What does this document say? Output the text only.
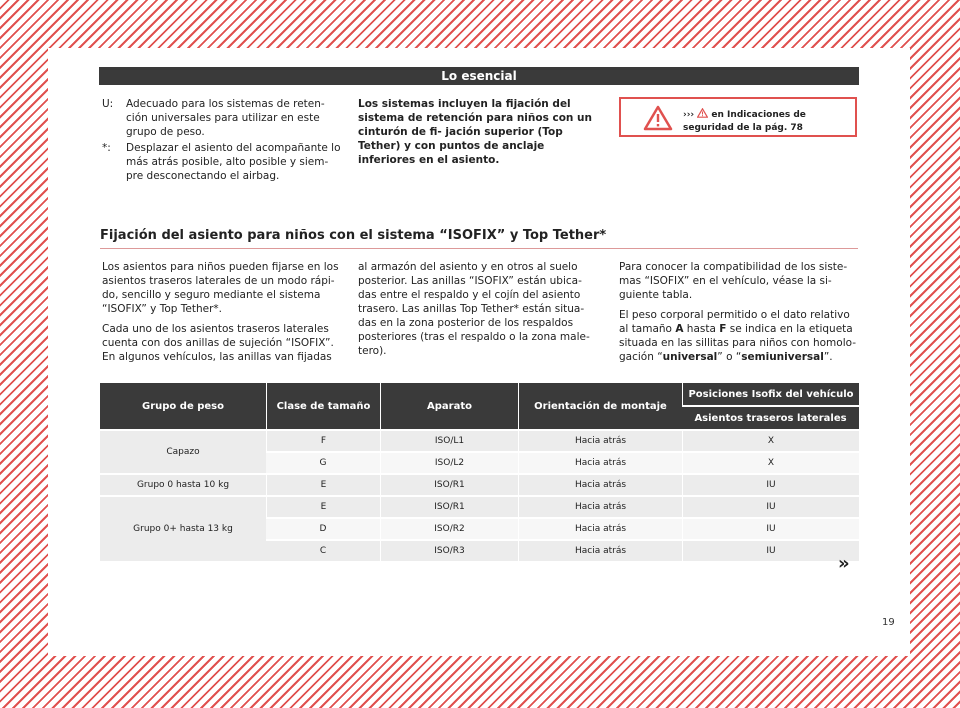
Lo esencial
U:	Adecuado para los sistemas de reten- ción universales para utilizar en este grupo de peso.
*:	Desplazar el asiento del acompañante lo más atrás posible, alto posible y siem- pre desconectando el airbag.
Los sistemas incluyen la fijación del sistema de retención para niños con un cinturón de fi- jación superior (Top Tether) y con puntos de anclaje inferiores en el asiento.
›››  en Indicaciones de seguridad de la pág. 78
Fijación del asiento para niños con el sistema “ISOFIX” y Top Tether*

Los asientos para niños pueden fijarse en los asientos traseros laterales de un modo rápi- do, sencillo y seguro mediante el sistema “ISOFIX” y Top Tether*.

Cada uno de los asientos traseros laterales cuenta con dos anillas de sujeción “ISOFIX”. En algunos vehículos, las anillas van fijadas

al armazón del asiento y en otros al suelo posterior. Las anillas “ISOFIX” están ubica- das entre el respaldo y el cojín del asiento trasero. Las anillas Top Tether* están situa- das en la zona posterior de los respaldos posteriores (tras el respaldo o la zona male- tero).

Para conocer la compatibilidad de los siste- mas “ISOFIX” en el vehículo, véase la si- guiente tabla.

El peso corporal permitido o el dato relativo al tamaño A hasta F se indica en la etiqueta situada en las sillitas para niños con homolo- gación “universal” o “semiuniversal”.

Grupo de peso	Clase de tamaño	Aparato	Orientación de montaje	Posiciones Isofix del vehículo
				Asientos traseros laterales
Capazo	F	ISO/L1	Hacia atrás	X
	G	ISO/L2	Hacia atrás	X
Grupo 0 hasta 10 kg	E	ISO/R1	Hacia atrás	IU
Grupo 0+ hasta 13 kg	E	ISO/R1	Hacia atrás	IU
	D	ISO/R2	Hacia atrás	IU
	C	ISO/R3	Hacia atrás	IU
»
19
